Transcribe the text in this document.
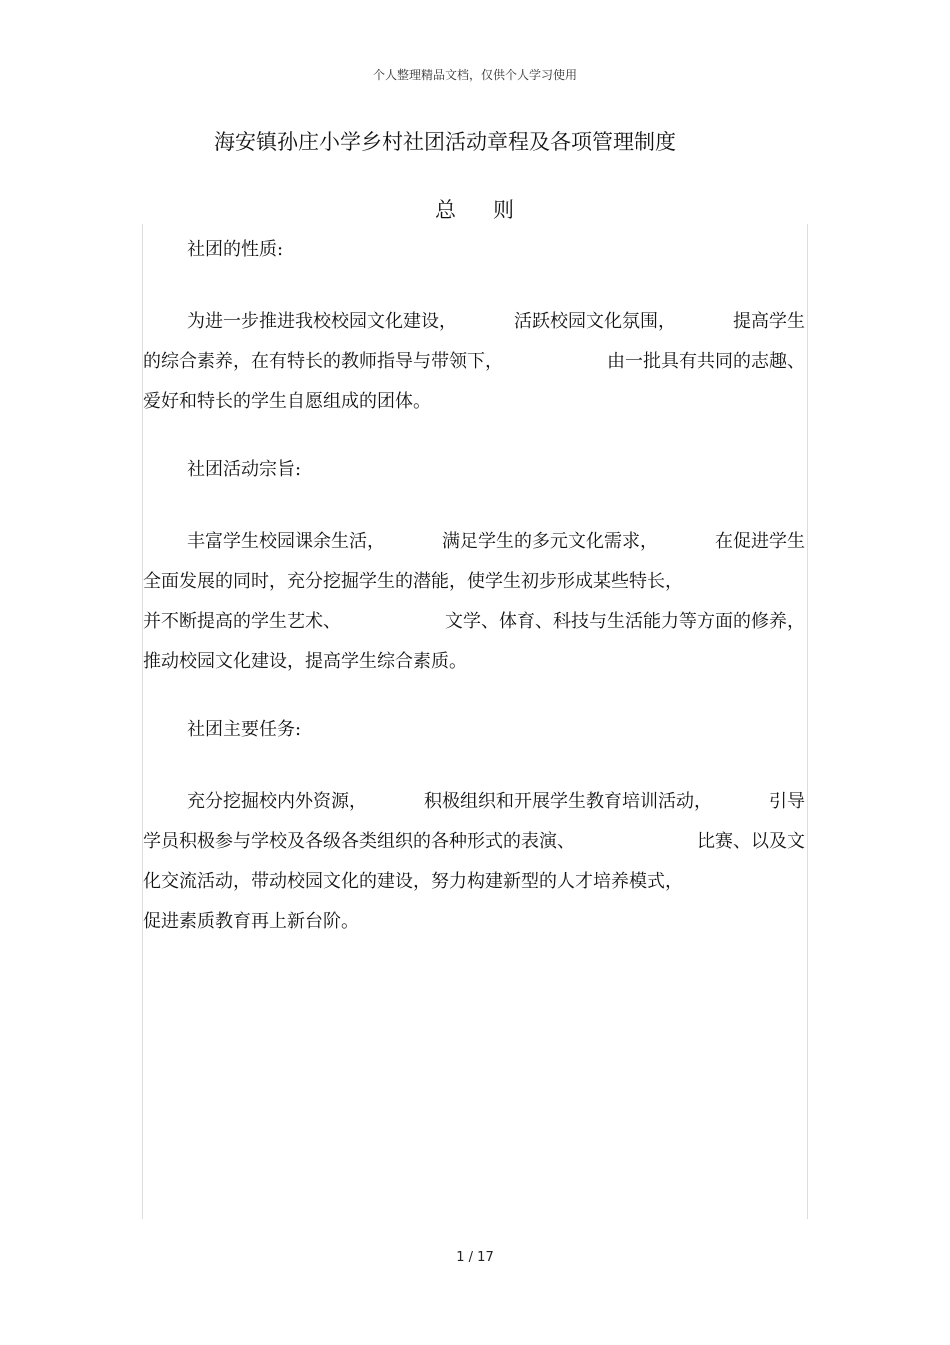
个人整理精品文档，仅供个人学习使用
海安镇孙庄小学乡村社团活动章程及各项管理制度
总 则
社团的性质:
为进一步推进我校校园文化建设，	活跃校园文化氛围，	提高学生
的综合素养，在有特长的教师指导与带领下，	由一批具有共同的志趣、
爱好和特长的学生自愿组成的团体。
社团活动宗旨:
丰富学生校园课余生活，	满足学生的多元文化需求，	在促进学生
全面发展的同时，充分挖掘学生的潜能，使学生初步形成某些特长，
并不断提高的学生艺术、	文学、体育、科技与生活能力等方面的修养，
推动校园文化建设，提高学生综合素质。
社团主要任务:
充分挖掘校内外资源，	积极组织和开展学生教育培训活动，	引导
学员积极参与学校及各级各类组织的各种形式的表演、	比赛、以及文
化交流活动，带动校园文化的建设，努力构建新型的人才培养模式，
促进素质教育再上新台阶。
1 / 17
